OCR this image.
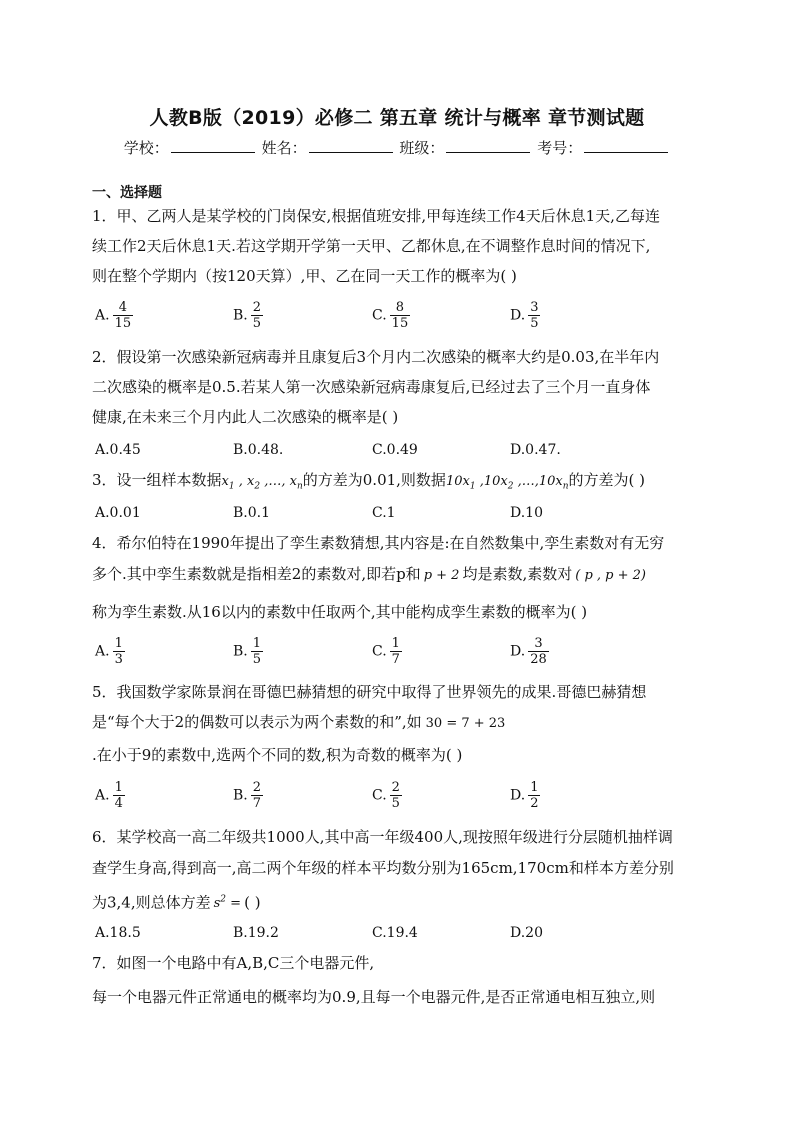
人教B版（2019）必修二 第五章 统计与概率 章节测试题
学校：	姓名：	班级：	考号：
一、选择题
1．甲、乙两人是某学校的门岗保安,根据值班安排,甲每连续工作4天后休息1天,乙每连
续工作2天后休息1天.若这学期开学第一天甲、乙都休息,在不调整作息时间的情况下,
则在整个学期内（按120天算）,甲、乙在同一天工作的概率为( )
A. $\frac{4}{15}$	B. $\frac{2}{5}$	C. $\frac{8}{15}$	D. $\frac{3}{5}$
2．假设第一次感染新冠病毒并且康复后3个月内二次感染的概率大约是0.03,在半年内
二次感染的概率是0.5.若某人第一次感染新冠病毒康复后,已经过去了三个月一直身体
健康,在未来三个月内此人二次感染的概率是( )
A.0.45	B.0.48.	C.0.49	D.0.47.
3．设一组样本数据$x_1$ , $x_2$ ,…, $x_n$的方差为0.01,则数据$10x_1$ $,10x_2$ $,\dots,10x_n$的方差为( )
A.0.01	B.0.1	C.1	D.10
4．希尔伯特在1990年提出了孪生素数猜想,其内容是:在自然数集中,孪生素数对有无穷
多个.其中孪生素数就是指相差2的素数对,即若p和 p + 2 均是素数,素数对 ( p , p + 2)
称为孪生素数.从16以内的素数中任取两个,其中能构成孪生素数的概率为( )
A. $\frac{1}{3}$	B. $\frac{1}{5}$	C. $\frac{1}{7}$	D. $\frac{3}{28}$
5．我国数学家陈景润在哥德巴赫猜想的研究中取得了世界领先的成果.哥德巴赫猜想
是“每个大于2的偶数可以表示为两个素数的和”,如 30 = 7 + 23
.在小于9的素数中,选两个不同的数,积为奇数的概率为( )
A. $\frac{1}{4}$	B. $\frac{2}{7}$	C. $\frac{2}{5}$	D. $\frac{1}{2}$
6．某学校高一高二年级共1000人,其中高一年级400人,现按照年级进行分层随机抽样调
查学生身高,得到高一,高二两个年级的样本平均数分别为165cm,170cm和样本方差分别
为3,4,则总体方差 $s^2$ = ( )
A.18.5	B.19.2	C.19.4	D.20
7．如图一个电路中有A,B,C三个电器元件,
每一个电器元件正常通电的概率均为0.9,且每一个电器元件,是否正常通电相互独立,则
